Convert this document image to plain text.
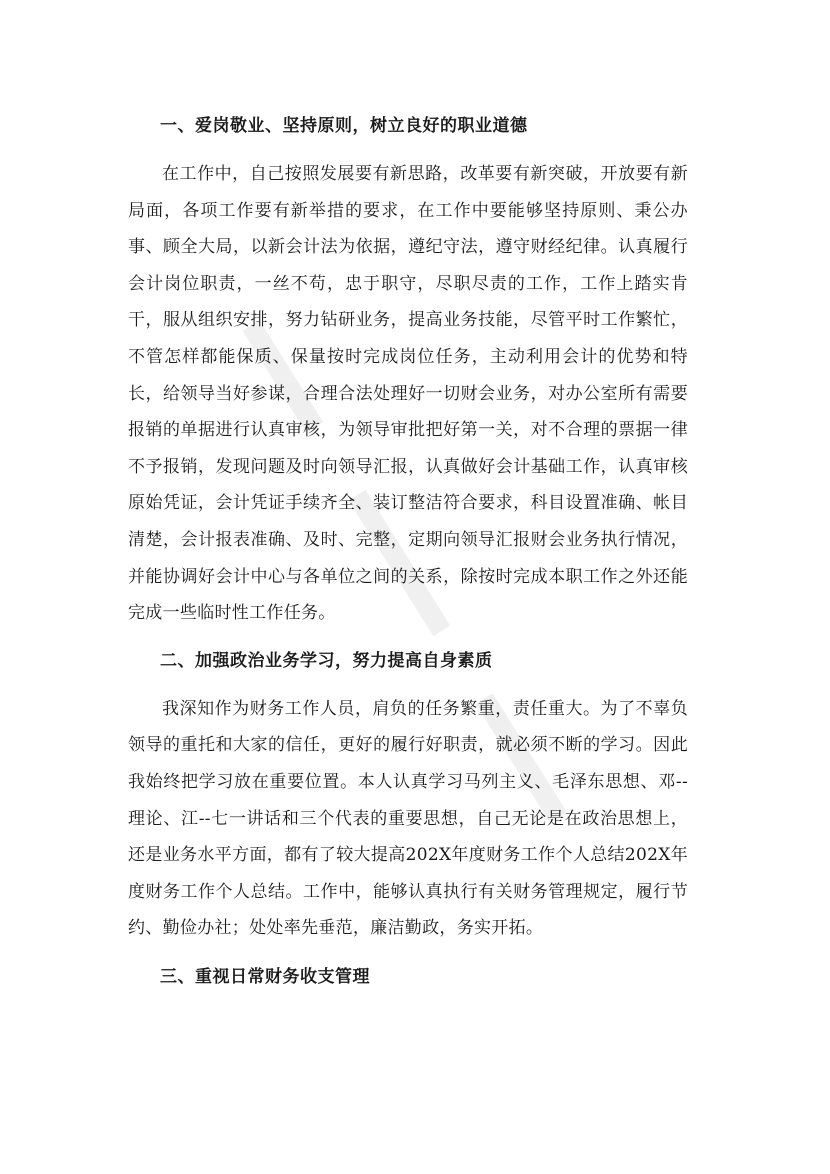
一、爱岗敬业、坚持原则，树立良好的职业道德

在工作中，自己按照发展要有新思路，改革要有新突破，开放要有新局面，各项工作要有新举措的要求，在工作中要能够坚持原则、秉公办事、顾全大局，以新会计法为依据，遵纪守法，遵守财经纪律。认真履行会计岗位职责，一丝不苟，忠于职守，尽职尽责的工作，工作上踏实肯干，服从组织安排，努力钻研业务，提高业务技能，尽管平时工作繁忙，不管怎样都能保质、保量按时完成岗位任务，主动利用会计的优势和特长，给领导当好参谋，合理合法处理好一切财会业务，对办公室所有需要报销的单据进行认真审核，为领导审批把好第一关，对不合理的票据一律不予报销，发现问题及时向领导汇报，认真做好会计基础工作，认真审核原始凭证，会计凭证手续齐全、装订整洁符合要求，科目设置准确、帐目清楚，会计报表准确、及时、完整，定期向领导汇报财会业务执行情况，并能协调好会计中心与各单位之间的关系，除按时完成本职工作之外还能完成一些临时性工作任务。

二、加强政治业务学习，努力提高自身素质

我深知作为财务工作人员，肩负的任务繁重，责任重大。为了不辜负领导的重托和大家的信任，更好的履行好职责，就必须不断的学习。因此我始终把学习放在重要位置。本人认真学习马列主义、毛泽东思想、邓--理论、江--七一讲话和三个代表的重要思想，自己无论是在政治思想上，还是业务水平方面，都有了较大提高202X年度财务工作个人总结202X年度财务工作个人总结。工作中，能够认真执行有关财务管理规定，履行节约、勤俭办社；处处率先垂范，廉洁勤政，务实开拓。

三、重视日常财务收支管理
